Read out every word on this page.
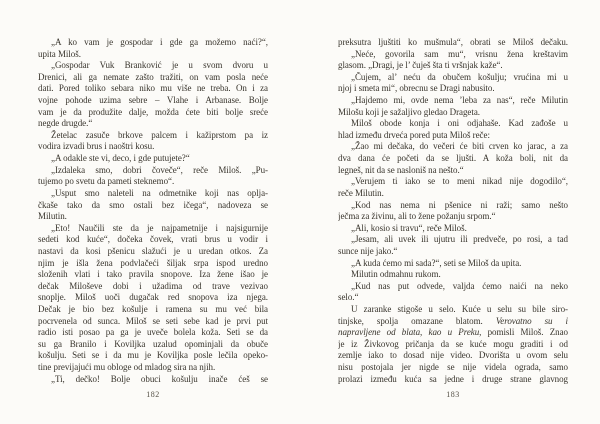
„A ko vam je gospodar i gde ga možemo naći?“,
upita Miloš.
„Gospodar Vuk Branković je u svom dvoru u
Drenici, ali ga nemate zašto tražiti, on vam posla neće
dati. Pored toliko sebara niko mu više ne treba. On i za
vojne pohode uzima sebre – Vlahe i Arbanase. Bolje
vam je da produžite dalje, možda ćete biti bolje sreće
negde drugde.“
Žetelac zasuče brkove palcem i kažiprstom pa iz
vodira izvadi brus i naoštri kosu.
„A odakle ste vi, deco, i gde putujete?“
„Izdaleka smo, dobri čoveče“, reče Miloš. „Pu-
tujemo po svetu da pameti steknemo“.
„Usput smo naleteli na odmetnike koji nas oplja-
čkaše tako da smo ostali bez ičega“, nadoveza se
Milutin.
„Eto! Naučili ste da je najpametnije i najsigurnije
sedeti kod kuće“, dočeka čovek, vrati brus u vodir i
nastavi da kosi pšenicu slažući je u uredan otkos. Za
njim je išla žena podvlačeći šiljak srpa ispod uredno
složenih vlati i tako pravila snopove. Iza žene išao je
dečak Miloševe dobi i užadima od trave vezivao
snoplje. Miloš uoči dugačak red snopova iza njega.
Dečak je bio bez košulje i ramena su mu već bila
pocrvenela od sunca. Miloš se seti sebe kad je prvi put
radio isti posao pa ga je uveče bolela koža. Seti se da
su ga Branilo i Koviljka uzalud opominjali da obuče
košulju. Seti se i da mu je Koviljka posle lečila opeko-
tine previjajući mu obloge od mladog sira na njih.
„Ti, dečko! Bolje obuci košulju inače ćeš se
182
preksutra ljuštiti ko mušmula“, obrati se Miloš dečaku.
„Neće, govorila sam mu“, vrisnu žena kreštavim
glasom. „Dragi, je l’ čuješ šta ti vršnjak kaže“.
„Čujem, al’ neću da obučem košulju; vrućina mi u
njoj i smeta mi“, obrecnu se Dragi nabusito.
„Hajdemo mi, ovde nema ’leba za nas“, reče Milutin
Milošu koji je sažaljivo gledao Drageta.
Miloš obode konja i oni odjahaše. Kad zađoše u
hlad između drveća pored puta Miloš reče:
„Žao mi dečaka, do večeri će biti crven ko jarac, a za
dva dana će početi da se ljušti. A koža boli, nit da
legneš, nit da se nasloniš na nešto.“
„Verujem ti iako se to meni nikad nije dogodilo“,
reče Milutin.
„Kod nas nema ni pšenice ni raži; samo nešto
ječma za živinu, ali to žene požanju srpom.“
„Ali, kosio si travu“, reče Miloš.
„Jesam, ali uvek ili ujutru ili predveče, po rosi, a tad
sunce nije jako.“
„A kuda ćemo mi sada?“, seti se Miloš da upita.
Milutin odmahnu rukom.
„Kud nas put odvede, valjda ćemo naići na neko
selo.“
U zaranke stigoše u selo. Kuće u selu su bile siro-
tinjske, spolja omazane blatom. Verovatno su i
napravljene od blata, kao u Preku, pomisli Miloš. Znao
je iz Živkovog pričanja da se kuće mogu graditi i od
zemlje iako to dosad nije video. Dvorišta u ovom selu
nisu postojala jer nigde se nije videla ograda, samo
prolazi između kuća sa jedne i druge strane glavnog
183
